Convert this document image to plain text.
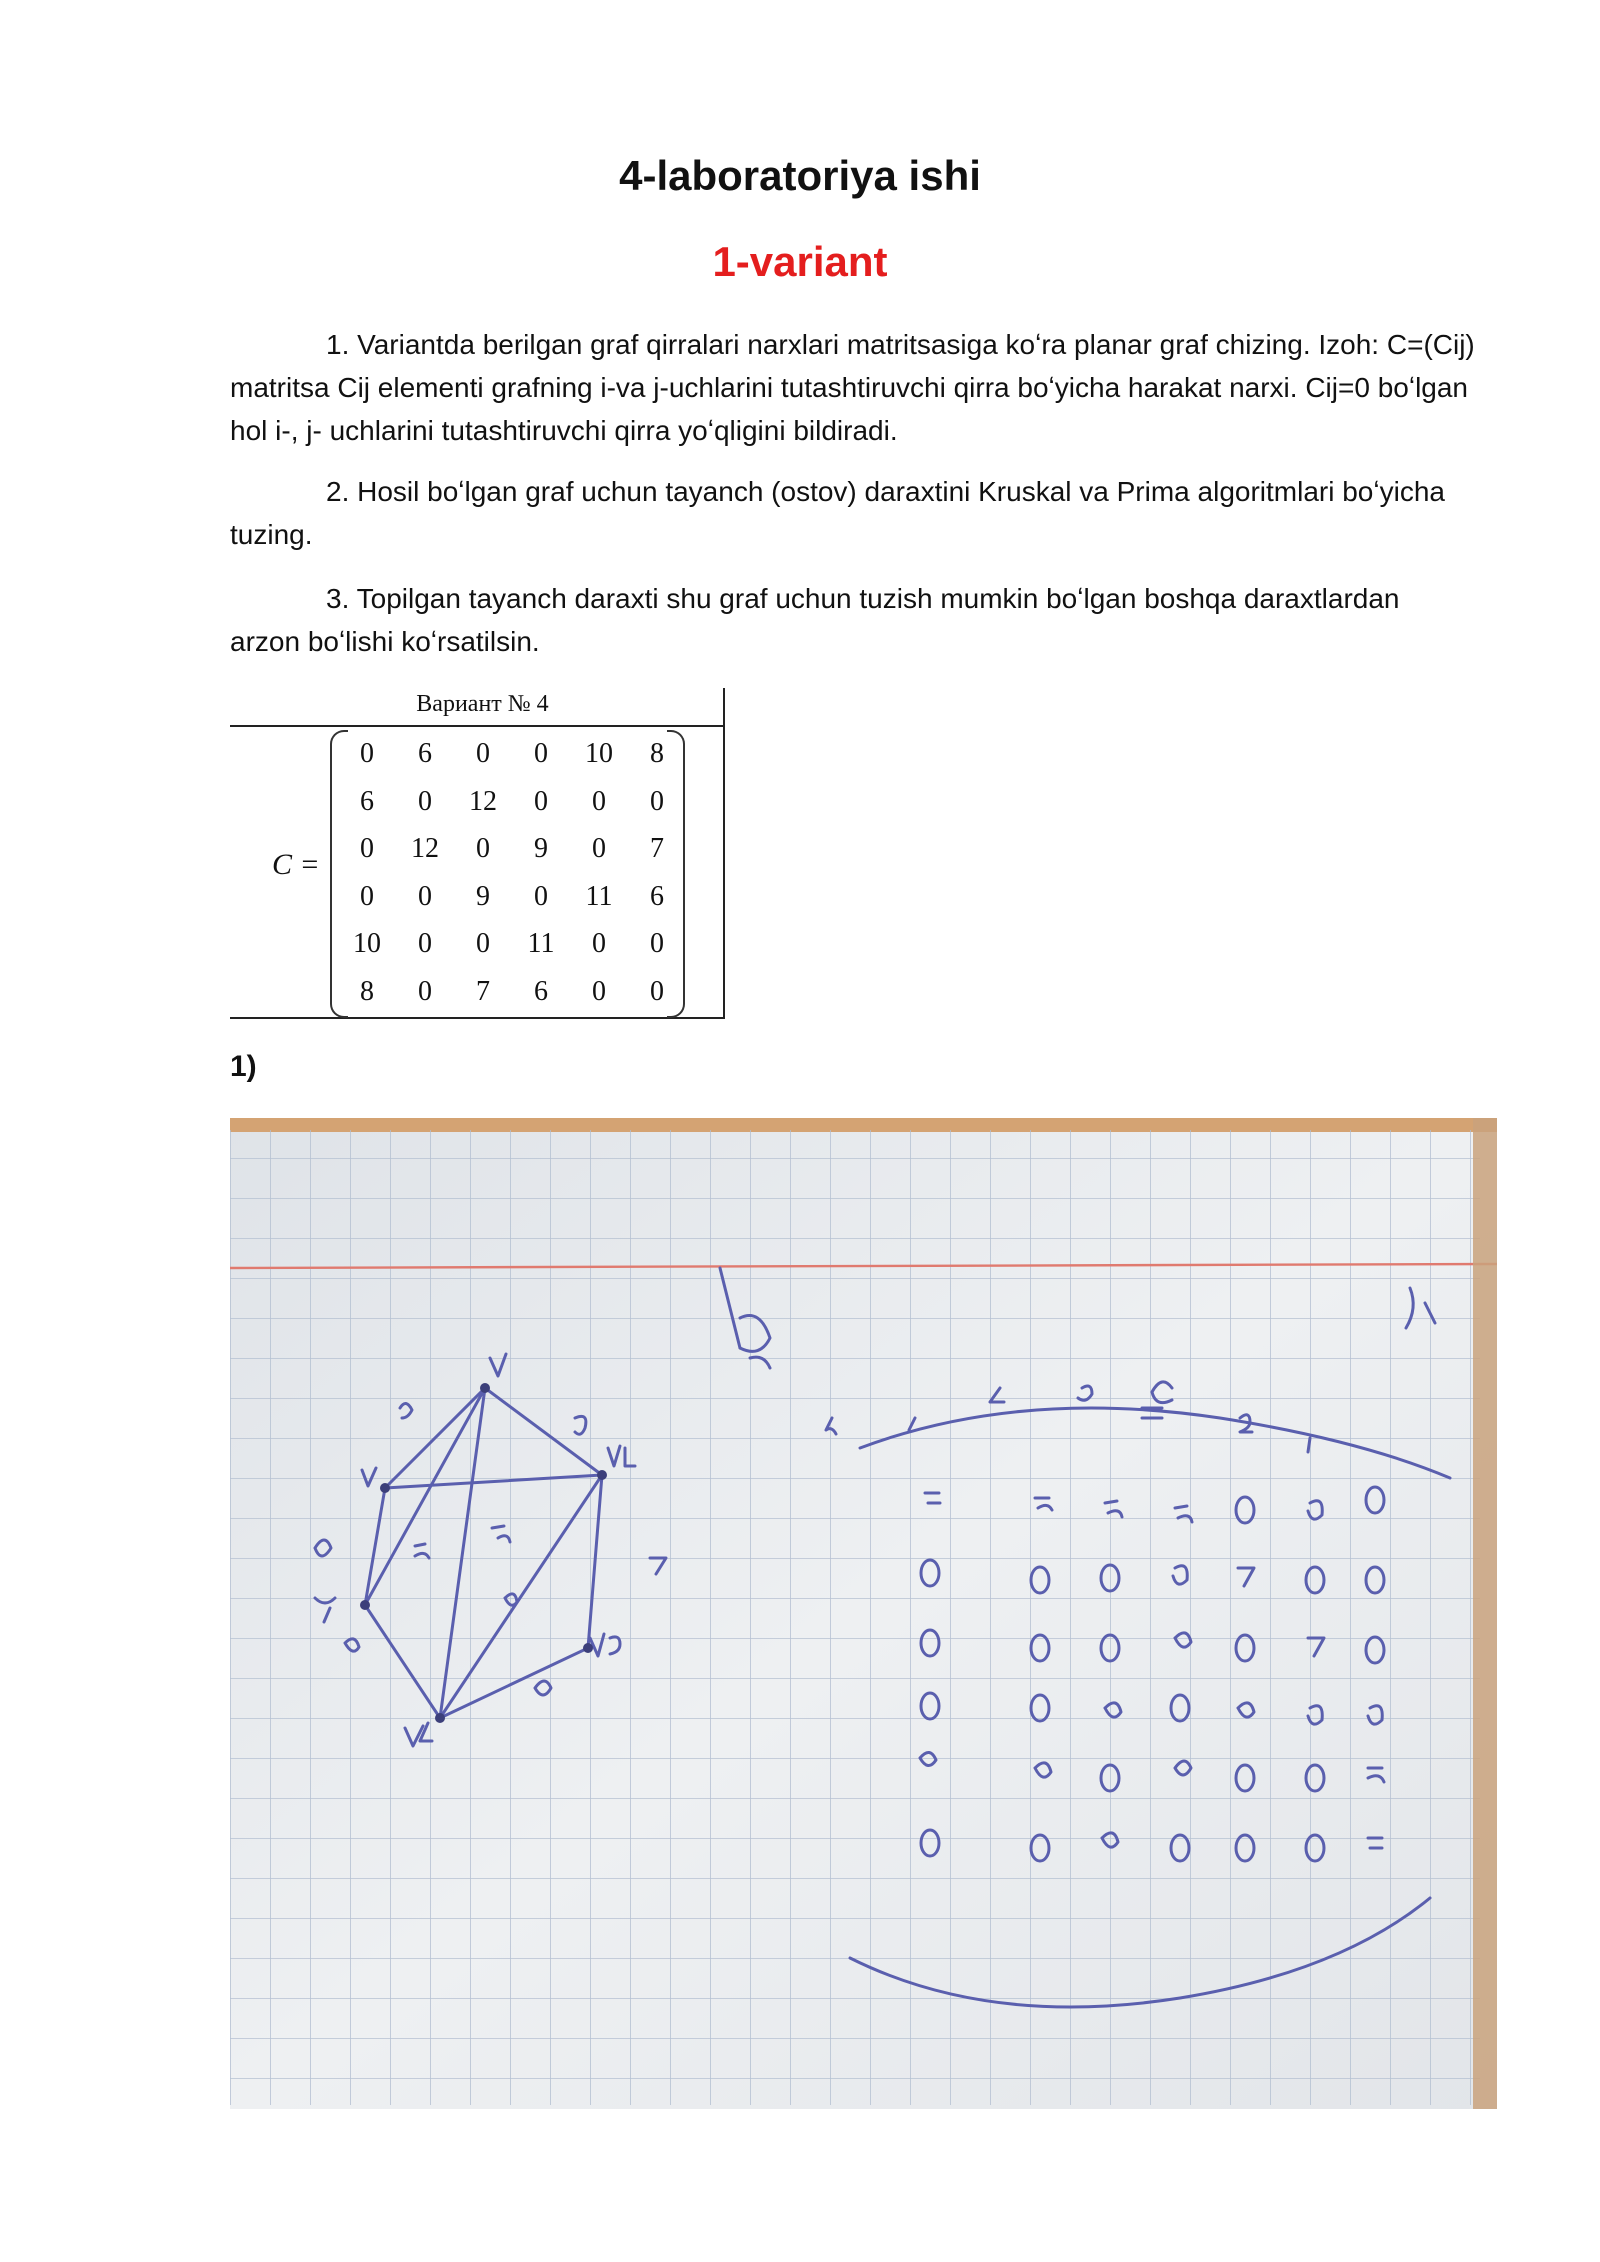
4-laboratoriya ishi
1-variant

1. Variantda berilgan graf qirralari narxlari matritsasiga koʻra planar graf chizing. Izoh: C=(Cij) matritsa Cij elementi grafning i-va j-uchlarini tutashtiruvchi qirra boʻyicha harakat narxi. Cij=0 boʻlgan hol i-, j- uchlarini tutashtiruvchi qirra yoʻqligini bildiradi.

2. Hosil boʻlgan graf uchun tayanch (ostov) daraxtini Kruskal va Prima algoritmlari boʻyicha tuzing.

3. Topilgan tayanch daraxti shu graf uchun tuzish mumkin boʻlgan boshqa daraxtlardan arzon boʻlishi koʻrsatilsin.

Вариант № 4
C =
0	6	0	0	10	8
6	0	12	0	0	0
0	12	0	9	0	7
0	0	9	0	11	6
10	0	0	11	0	0
8	0	7	6	0	0
1)
